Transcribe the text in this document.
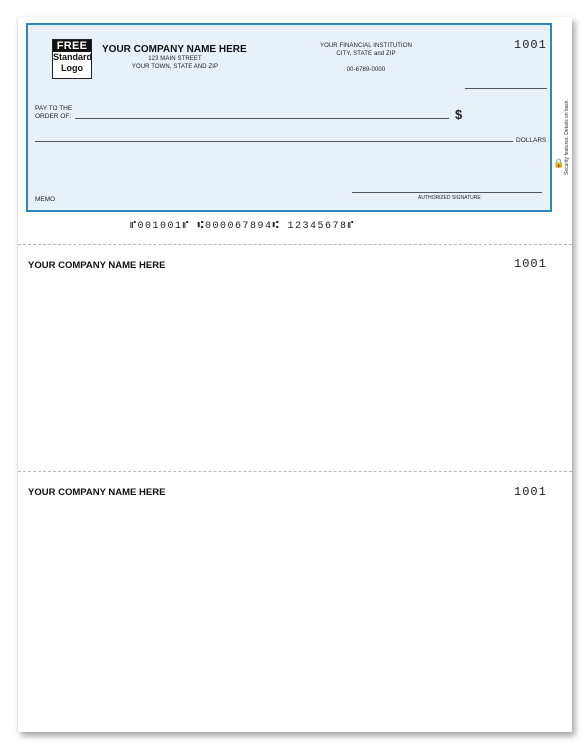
FREE
Standard
Logo
YOUR COMPANY NAME HERE
123 MAIN STREET
YOUR TOWN, STATE AND ZIP
YOUR FINANCIAL INSTITUTION
CITY, STATE and ZIP
00-6789-0000
1001
PAY TO THE
ORDER OF:	$
DOLLARS	Security features. Details on back.
🔒
MEMO	AUTHORIZED SIGNATURE
⑈001001⑈ ⑆000067894⑆ 12345678⑈
YOUR COMPANY NAME HERE	1001
YOUR COMPANY NAME HERE	1001
